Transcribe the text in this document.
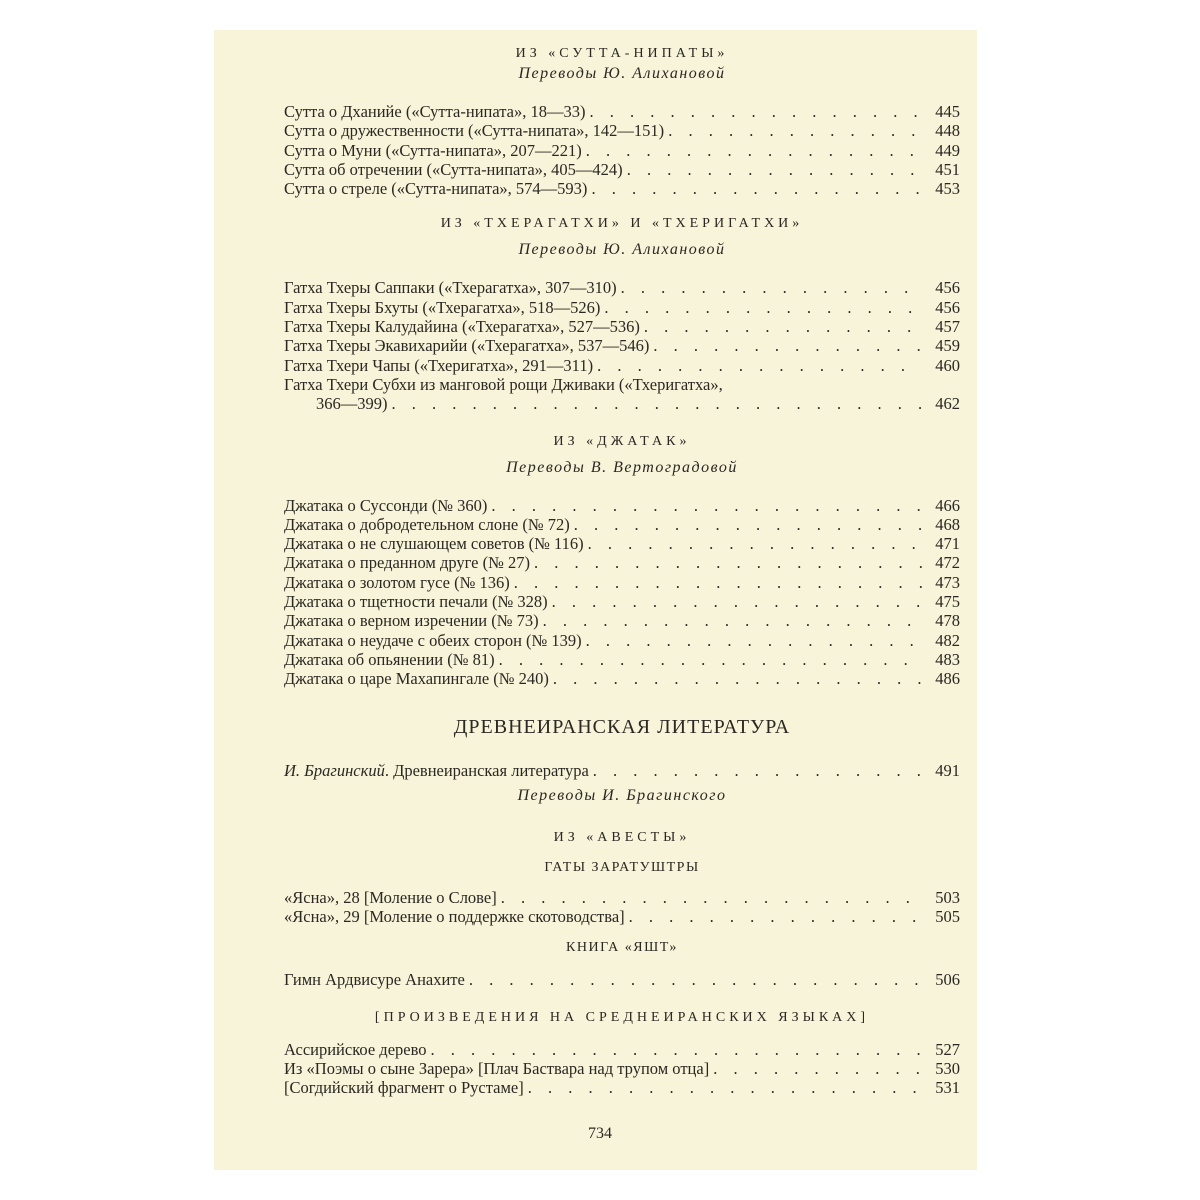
ИЗ «СУТТА-НИПАТЫ»
Переводы Ю. Алихановой
Сутта о Дханийе («Сутта-нипата», 18—33) . . .	445
Сутта о дружественности («Сутта-нипата», 142—151) . . .	448
Сутта о Муни («Сутта-нипата», 207—221) . . .	449
Сутта об отречении («Сутта-нипата», 405—424) . . .	451
Сутта о стреле («Сутта-нипата», 574—593) . . .	453
ИЗ «ТХЕРАГАТХИ» И «ТХЕРИГАТХИ»
Переводы Ю. Алихановой
Гатха Тхеры Саппаки («Тхерагатха», 307—310) . . .	456
Гатха Тхеры Бхуты («Тхерагатха», 518—526) . . .	456
Гатха Тхеры Калудайина («Тхерагатха», 527—536) . . .	457
Гатха Тхеры Экавихарийи («Тхерагатха», 537—546) . . .	459
Гатха Тхери Чапы («Тхеригатха», 291—311) . . .	460
Гатха Тхери Субхи из манговой рощи Дживаки («Тхеригатха»,
366—399) . . .	462
ИЗ «ДЖАТАК»
Переводы В. Вертоградовой
Джатака о Суссонди (№ 360) . . .	466
Джатака о добродетельном слоне (№ 72) . . .	468
Джатака о не слушающем советов (№ 116) . . .	471
Джатака о преданном друге (№ 27) . . .	472
Джатака о золотом гусе (№ 136) . . .	473
Джатака о тщетности печали (№ 328) . . .	475
Джатака о верном изречении (№ 73) . . .	478
Джатака о неудаче с обеих сторон (№ 139) . . .	482
Джатака об опьянении (№ 81) . . .	483
Джатака о царе Махапингале (№ 240) . . .	486
ДРЕВНЕИРАНСКАЯ ЛИТЕРАТУРА
И. Брагинский. Древнеиранская литература . . .	491
Переводы И. Брагинского
ИЗ «АВЕСТЫ»
ГАТЫ ЗАРАТУШТРЫ
«Ясна», 28 [Моление о Слове] . . .	503
«Ясна», 29 [Моление о поддержке скотоводства] . . .	505
КНИГА «ЯШТ»
Гимн Ардвисуре Анахите . . .	506
[ПРОИЗВЕДЕНИЯ НА СРЕДНЕИРАНСКИХ ЯЗЫКАХ]
Ассирийское дерево . . .	527
Из «Поэмы о сыне Зарера» [Плач Баствара над трупом отца] . . .	530
[Согдийский фрагмент о Рустаме] . . .	531
734
